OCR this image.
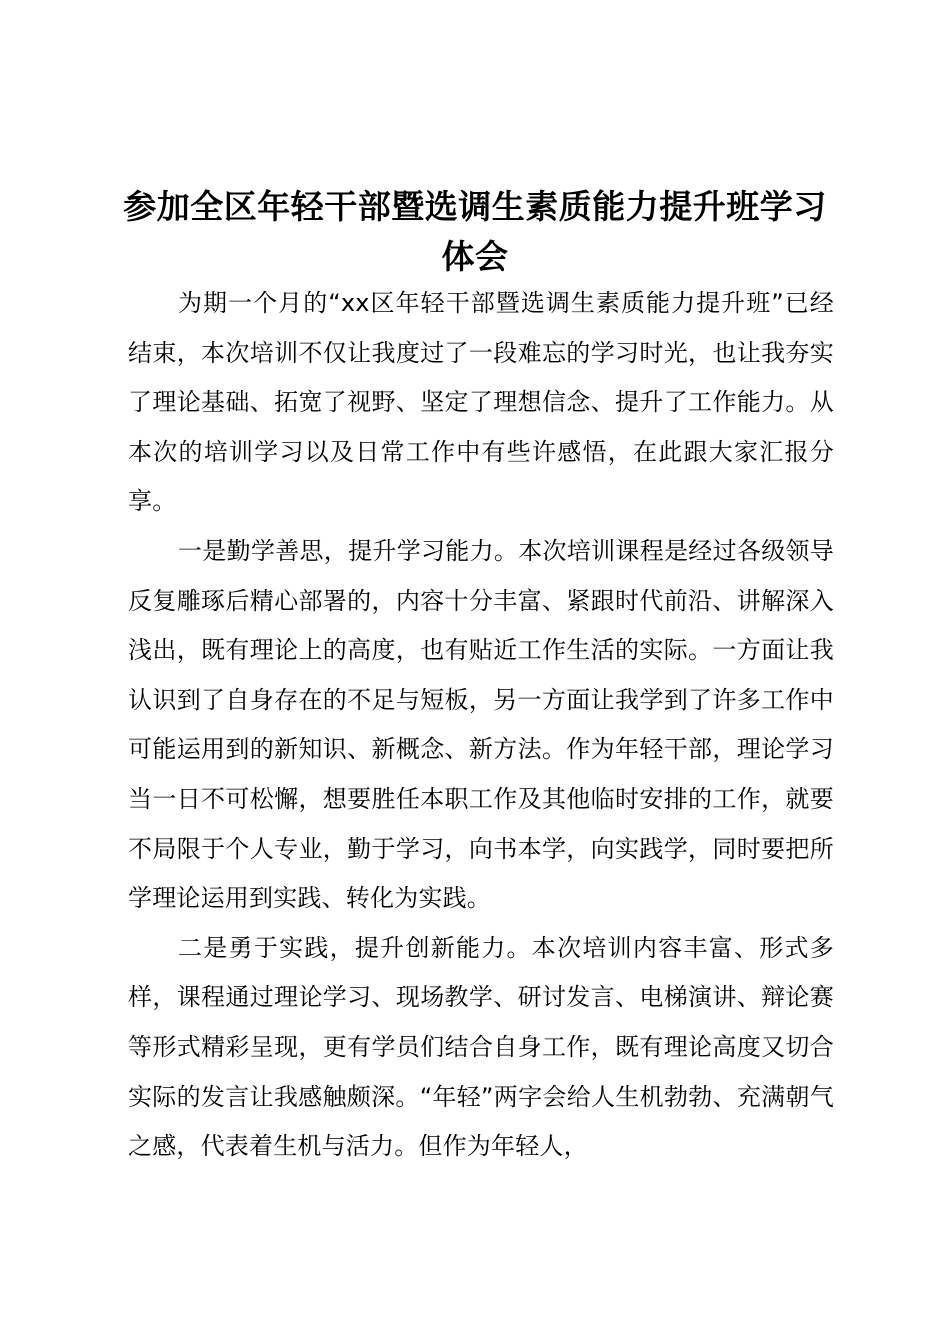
参加全区年轻干部暨选调生素质能力提升班学习体会

为期一个月的“xx区年轻干部暨选调生素质能力提升班”已经结束，本次培训不仅让我度过了一段难忘的学习时光，也让我夯实了理论基础、拓宽了视野、坚定了理想信念、提升了工作能力。从本次的培训学习以及日常工作中有些许感悟，在此跟大家汇报分享。

一是勤学善思，提升学习能力。本次培训课程是经过各级领导反复雕琢后精心部署的，内容十分丰富、紧跟时代前沿、讲解深入浅出，既有理论上的高度，也有贴近工作生活的实际。一方面让我认识到了自身存在的不足与短板，另一方面让我学到了许多工作中可能运用到的新知识、新概念、新方法。作为年轻干部，理论学习当一日不可松懈，想要胜任本职工作及其他临时安排的工作，就要不局限于个人专业，勤于学习，向书本学，向实践学，同时要把所学理论运用到实践、转化为实践。

二是勇于实践，提升创新能力。本次培训内容丰富、形式多样，课程通过理论学习、现场教学、研讨发言、电梯演讲、辩论赛等形式精彩呈现，更有学员们结合自身工作，既有理论高度又切合实际的发言让我感触颇深。“年轻”两字会给人生机勃勃、充满朝气之感，代表着生机与活力。但作为年轻人，
